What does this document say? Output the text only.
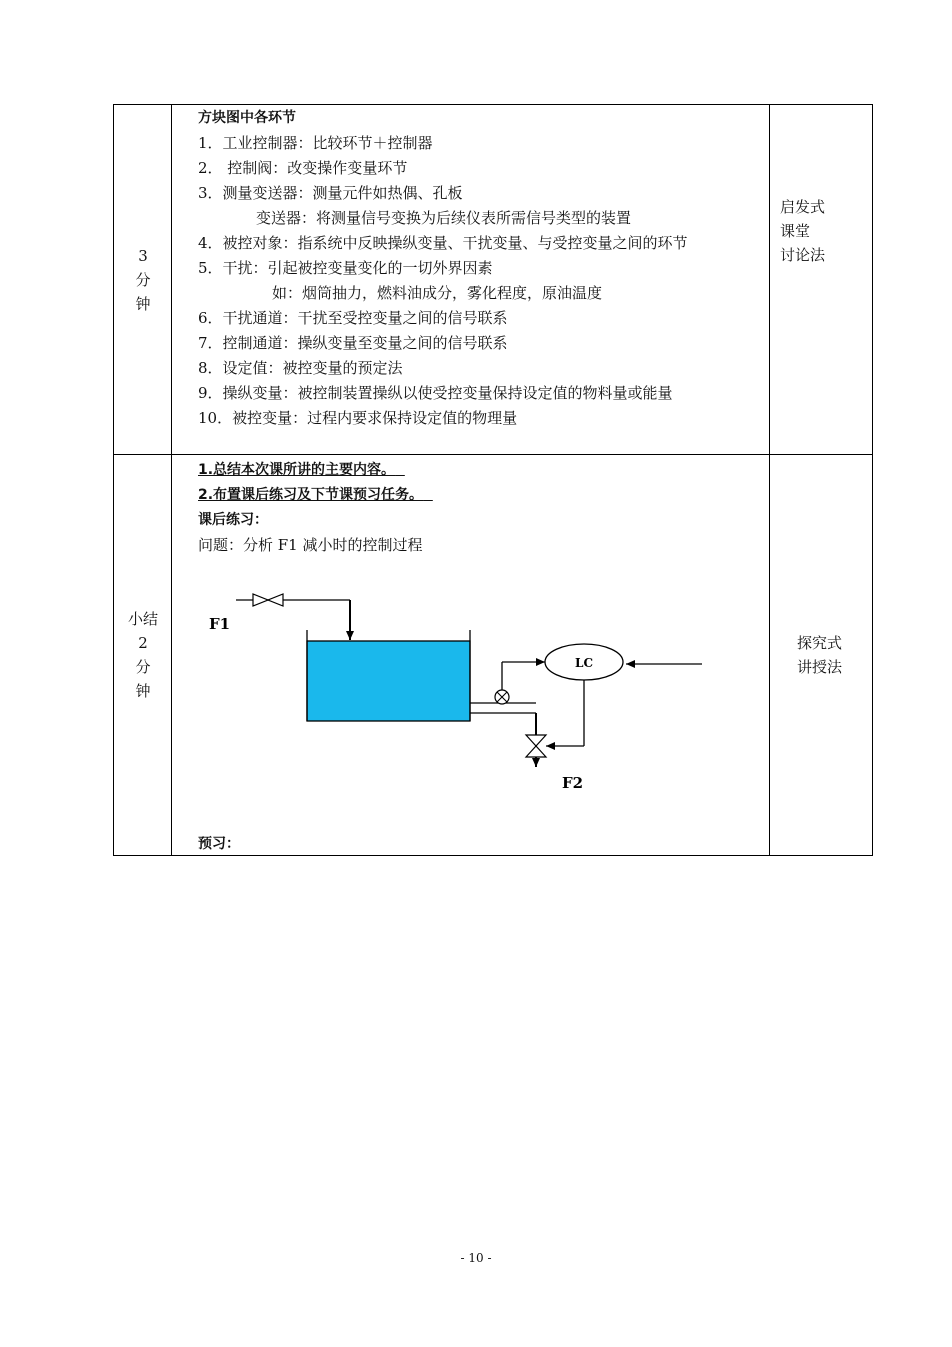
3
分
钟
方块图中各环节
1．工业控制器：比较环节＋控制器
2． 控制阀：改变操作变量环节
3．测量变送器：测量元件如热偶、孔板
变送器：将测量信号变换为后续仪表所需信号类型的装置
4．被控对象：指系统中反映操纵变量、干扰变量、与受控变量之间的环节
5．干扰：引起被控变量变化的一切外界因素
如：烟筒抽力，燃料油成分，雾化程度，原油温度
6．干扰通道：干扰至受控变量之间的信号联系
7．控制通道：操纵变量至变量之间的信号联系
8．设定值：被控变量的预定法
9．操纵变量：被控制装置操纵以使受控变量保持设定值的物料量或能量
10．被控变量：过程内要求保持设定值的物理量
启发式
课堂
讨论法
小结
2
分
钟
1.总结本次课所讲的主要内容。
2.布置课后练习及下节课预习任务。
课后练习：
问题：分析 F1 减小时的控制过程
预习：
探究式
讲授法
F1
LC
F2
- 10 -
